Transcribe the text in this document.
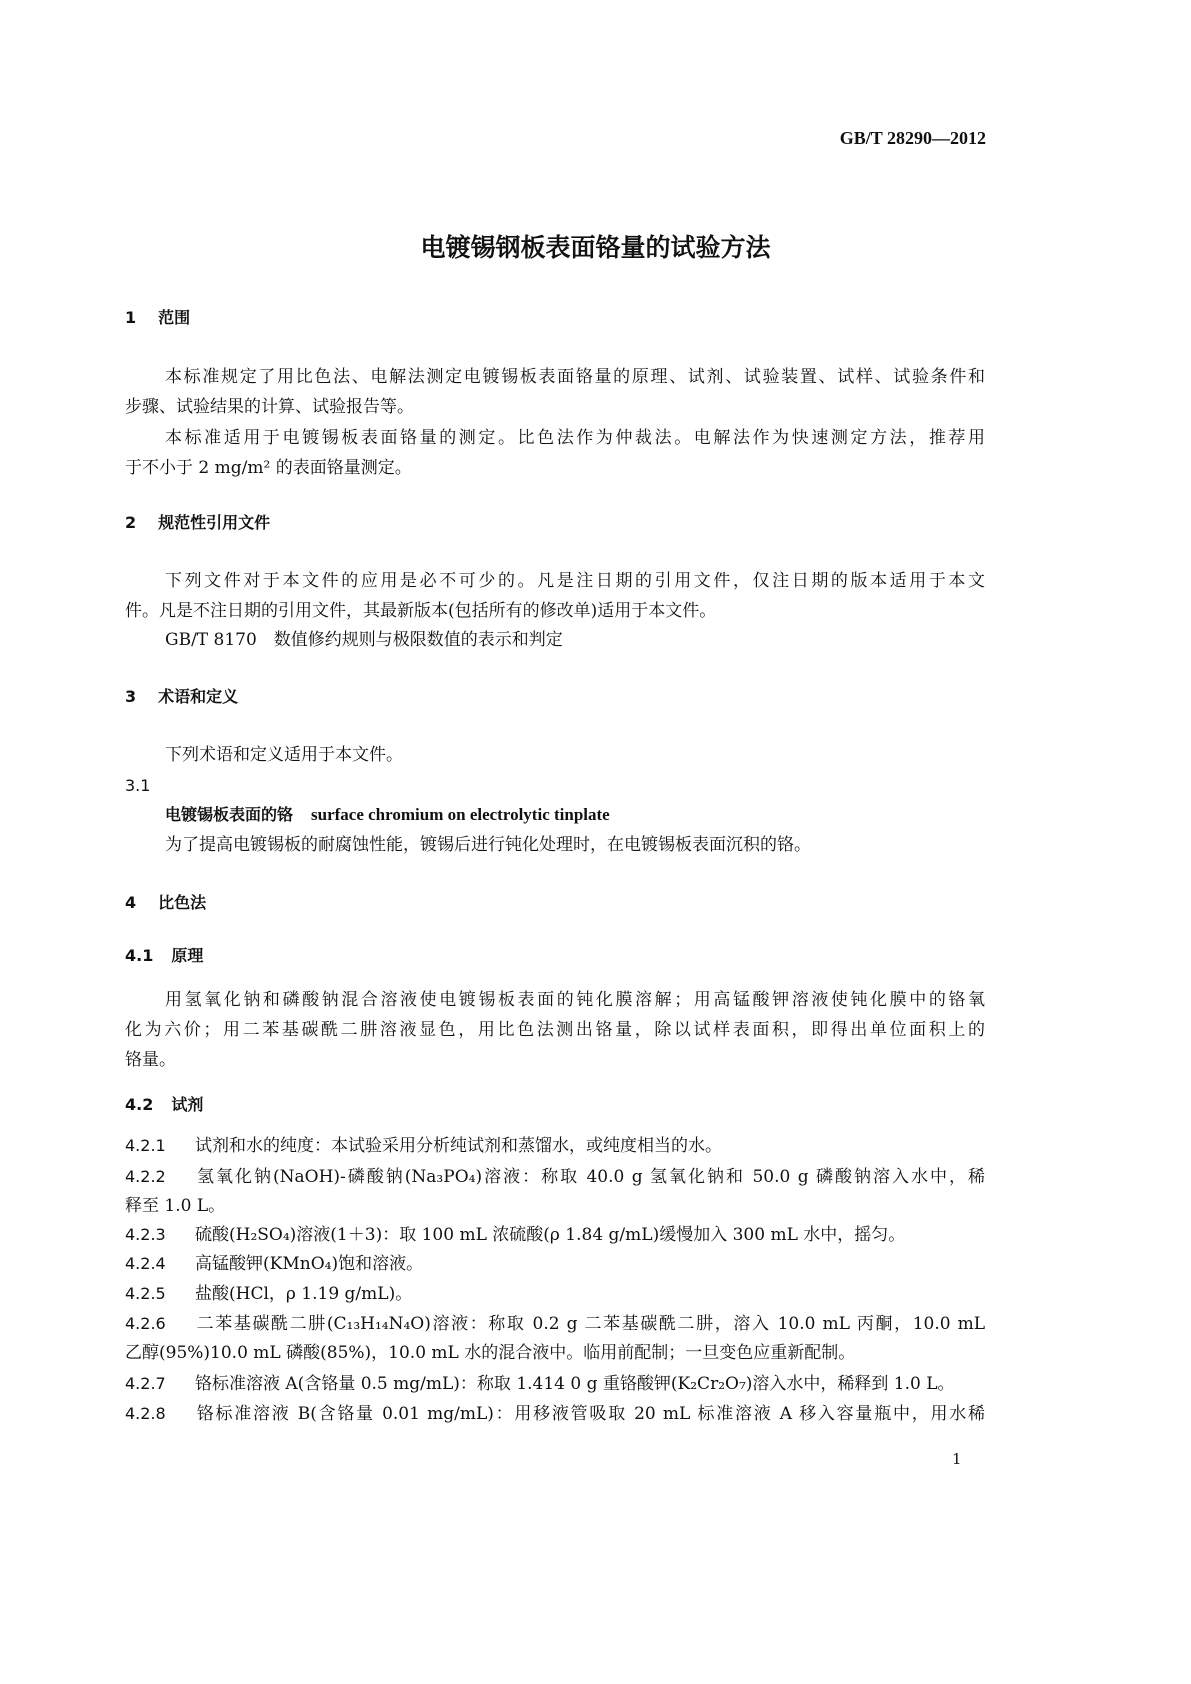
GB/T 28290—2012
电镀锡钢板表面铬量的试验方法
1 范围
本标准规定了用比色法、电解法测定电镀锡板表面铬量的原理、试剂、试验装置、试样、试验条件和
步骤、试验结果的计算、试验报告等。
本标准适用于电镀锡板表面铬量的测定。比色法作为仲裁法。电解法作为快速测定方法，推荐用
于不小于 2 mg/m² 的表面铬量测定。
2 规范性引用文件
下列文件对于本文件的应用是必不可少的。凡是注日期的引用文件，仅注日期的版本适用于本文
件。凡是不注日期的引用文件，其最新版本(包括所有的修改单)适用于本文件。
GB/T 8170　数值修约规则与极限数值的表示和判定
3 术语和定义
下列术语和定义适用于本文件。
3.1
电镀锡板表面的铬 surface chromium on electrolytic tinplate
为了提高电镀锡板的耐腐蚀性能，镀锡后进行钝化处理时，在电镀锡板表面沉积的铬。
4 比色法
4.1 原理
用氢氧化钠和磷酸钠混合溶液使电镀锡板表面的钝化膜溶解；用高锰酸钾溶液使钝化膜中的铬氧
化为六价；用二苯基碳酰二肼溶液显色，用比色法测出铬量，除以试样表面积，即得出单位面积上的
铬量。
4.2 试剂
4.2.1 试剂和水的纯度：本试验采用分析纯试剂和蒸馏水，或纯度相当的水。
4.2.2 氢氧化钠(NaOH)-磷酸钠(Na₃PO₄)溶液：称取 40.0 g 氢氧化钠和 50.0 g 磷酸钠溶入水中，稀
释至 1.0 L。
4.2.3 硫酸(H₂SO₄)溶液(1＋3)：取 100 mL 浓硫酸(ρ 1.84 g/mL)缓慢加入 300 mL 水中，摇匀。
4.2.4 高锰酸钾(KMnO₄)饱和溶液。
4.2.5 盐酸(HCl，ρ 1.19 g/mL)。
4.2.6 二苯基碳酰二肼(C₁₃H₁₄N₄O)溶液：称取 0.2 g 二苯基碳酰二肼，溶入 10.0 mL 丙酮，10.0 mL
乙醇(95%)10.0 mL 磷酸(85%)，10.0 mL 水的混合液中。临用前配制；一旦变色应重新配制。
4.2.7 铬标准溶液 A(含铬量 0.5 mg/mL)：称取 1.414 0 g 重铬酸钾(K₂Cr₂O₇)溶入水中，稀释到 1.0 L。
4.2.8 铬标准溶液 B(含铬量 0.01 mg/mL)：用移液管吸取 20 mL 标准溶液 A 移入容量瓶中，用水稀
1
